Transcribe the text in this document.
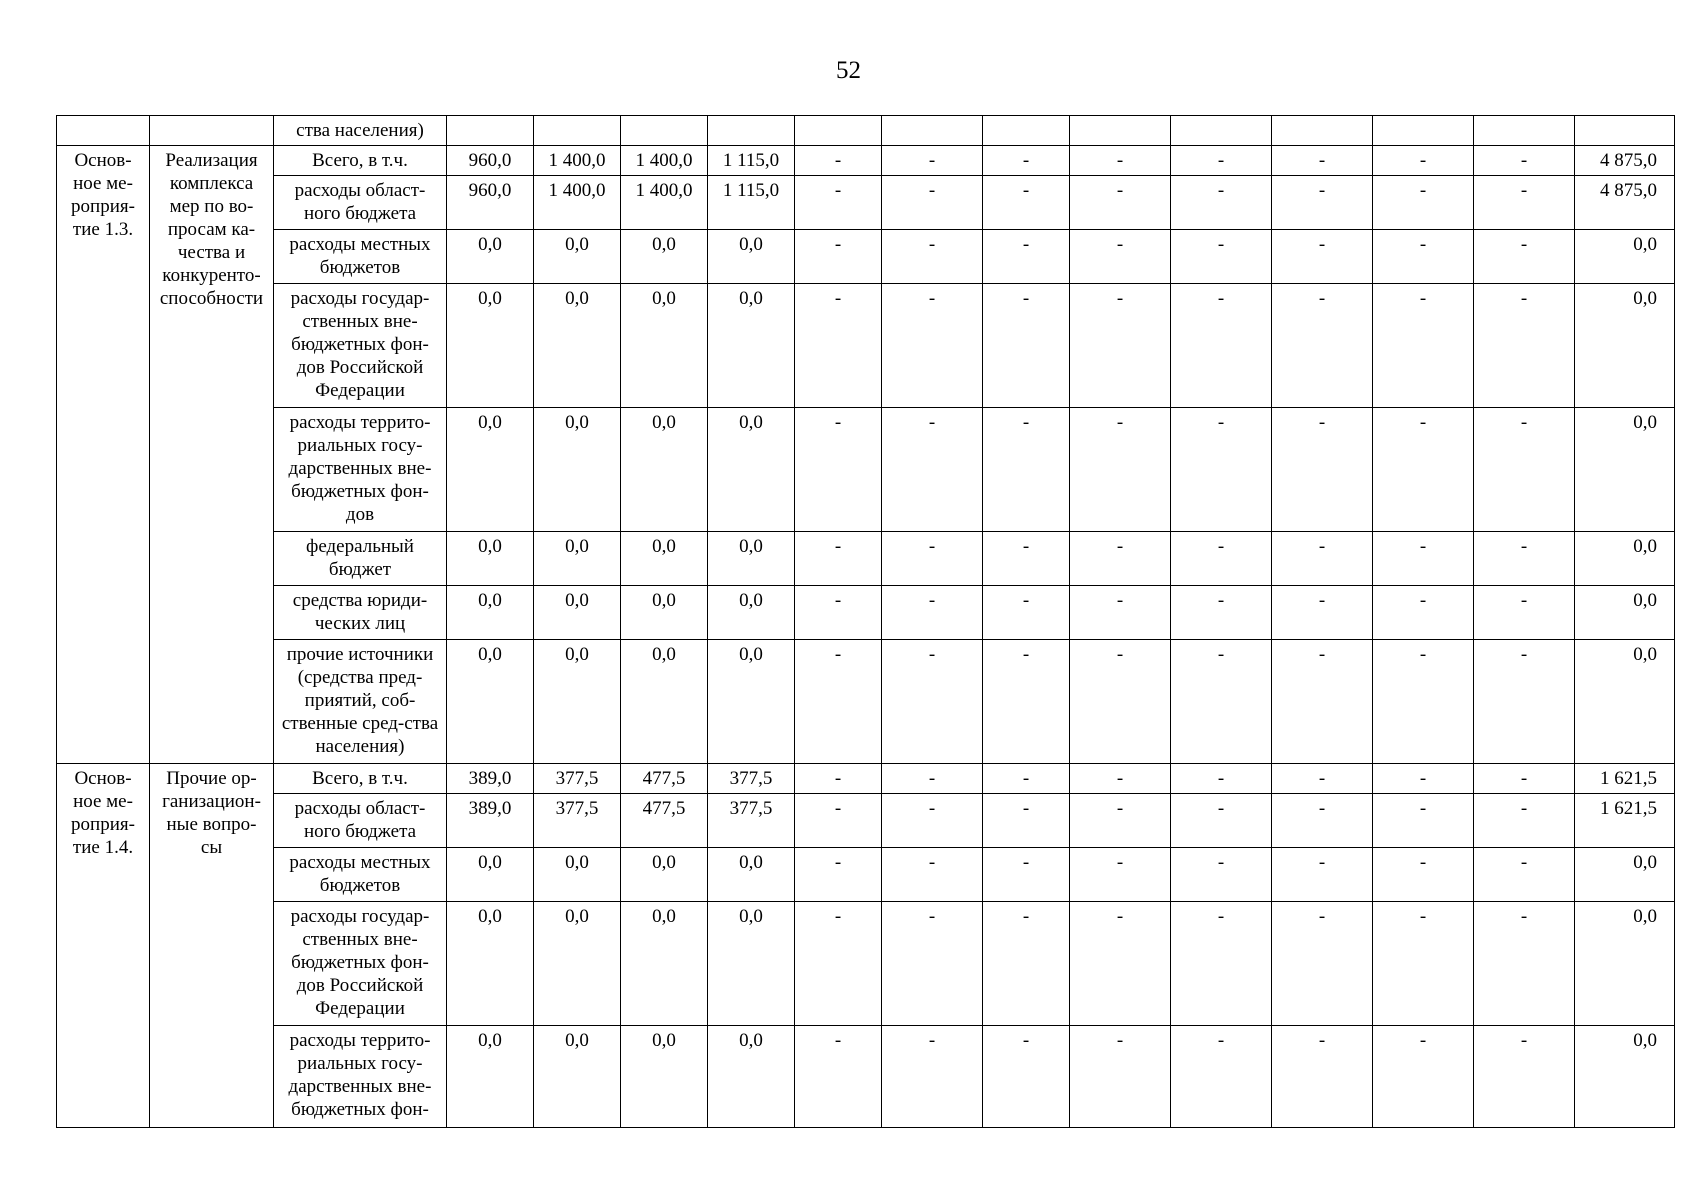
52
		ства населения)													
Основ-ное ме-роприя-тие 1.3.	Реализация комплекса мер по во-просам ка-чества и конкуренто-способности	Всего, в т.ч.	960,0	1 400,0	1 400,0	1 115,0	-	-	-	-	-	-	-	-	4 875,0
		расходы област-ного бюджета	960,0	1 400,0	1 400,0	1 115,0	-	-	-	-	-	-	-	-	4 875,0
		расходы местных бюджетов	0,0	0,0	0,0	0,0	-	-	-	-	-	-	-	-	0,0
		расходы государ-ственных вне-бюджетных фон-дов Российской Федерации	0,0	0,0	0,0	0,0	-	-	-	-	-	-	-	-	0,0
		расходы террито-риальных госу-дарственных вне-бюджетных фон-дов	0,0	0,0	0,0	0,0	-	-	-	-	-	-	-	-	0,0
		федеральный бюджет	0,0	0,0	0,0	0,0	-	-	-	-	-	-	-	-	0,0
		средства юриди-ческих лиц	0,0	0,0	0,0	0,0	-	-	-	-	-	-	-	-	0,0
		прочие источники (средства пред-приятий, соб-ственные сред-ства населения)	0,0	0,0	0,0	0,0	-	-	-	-	-	-	-	-	0,0
Основ-ное ме-роприя-тие 1.4.	Прочие ор-ганизацион-ные вопро-сы	Всего, в т.ч.	389,0	377,5	477,5	377,5	-	-	-	-	-	-	-	-	1 621,5
		расходы област-ного бюджета	389,0	377,5	477,5	377,5	-	-	-	-	-	-	-	-	1 621,5
		расходы местных бюджетов	0,0	0,0	0,0	0,0	-	-	-	-	-	-	-	-	0,0
		расходы государ-ственных вне-бюджетных фон-дов Российской Федерации	0,0	0,0	0,0	0,0	-	-	-	-	-	-	-	-	0,0
		расходы террито-риальных госу-дарственных вне-бюджетных фон-	0,0	0,0	0,0	0,0	-	-	-	-	-	-	-	-	0,0
